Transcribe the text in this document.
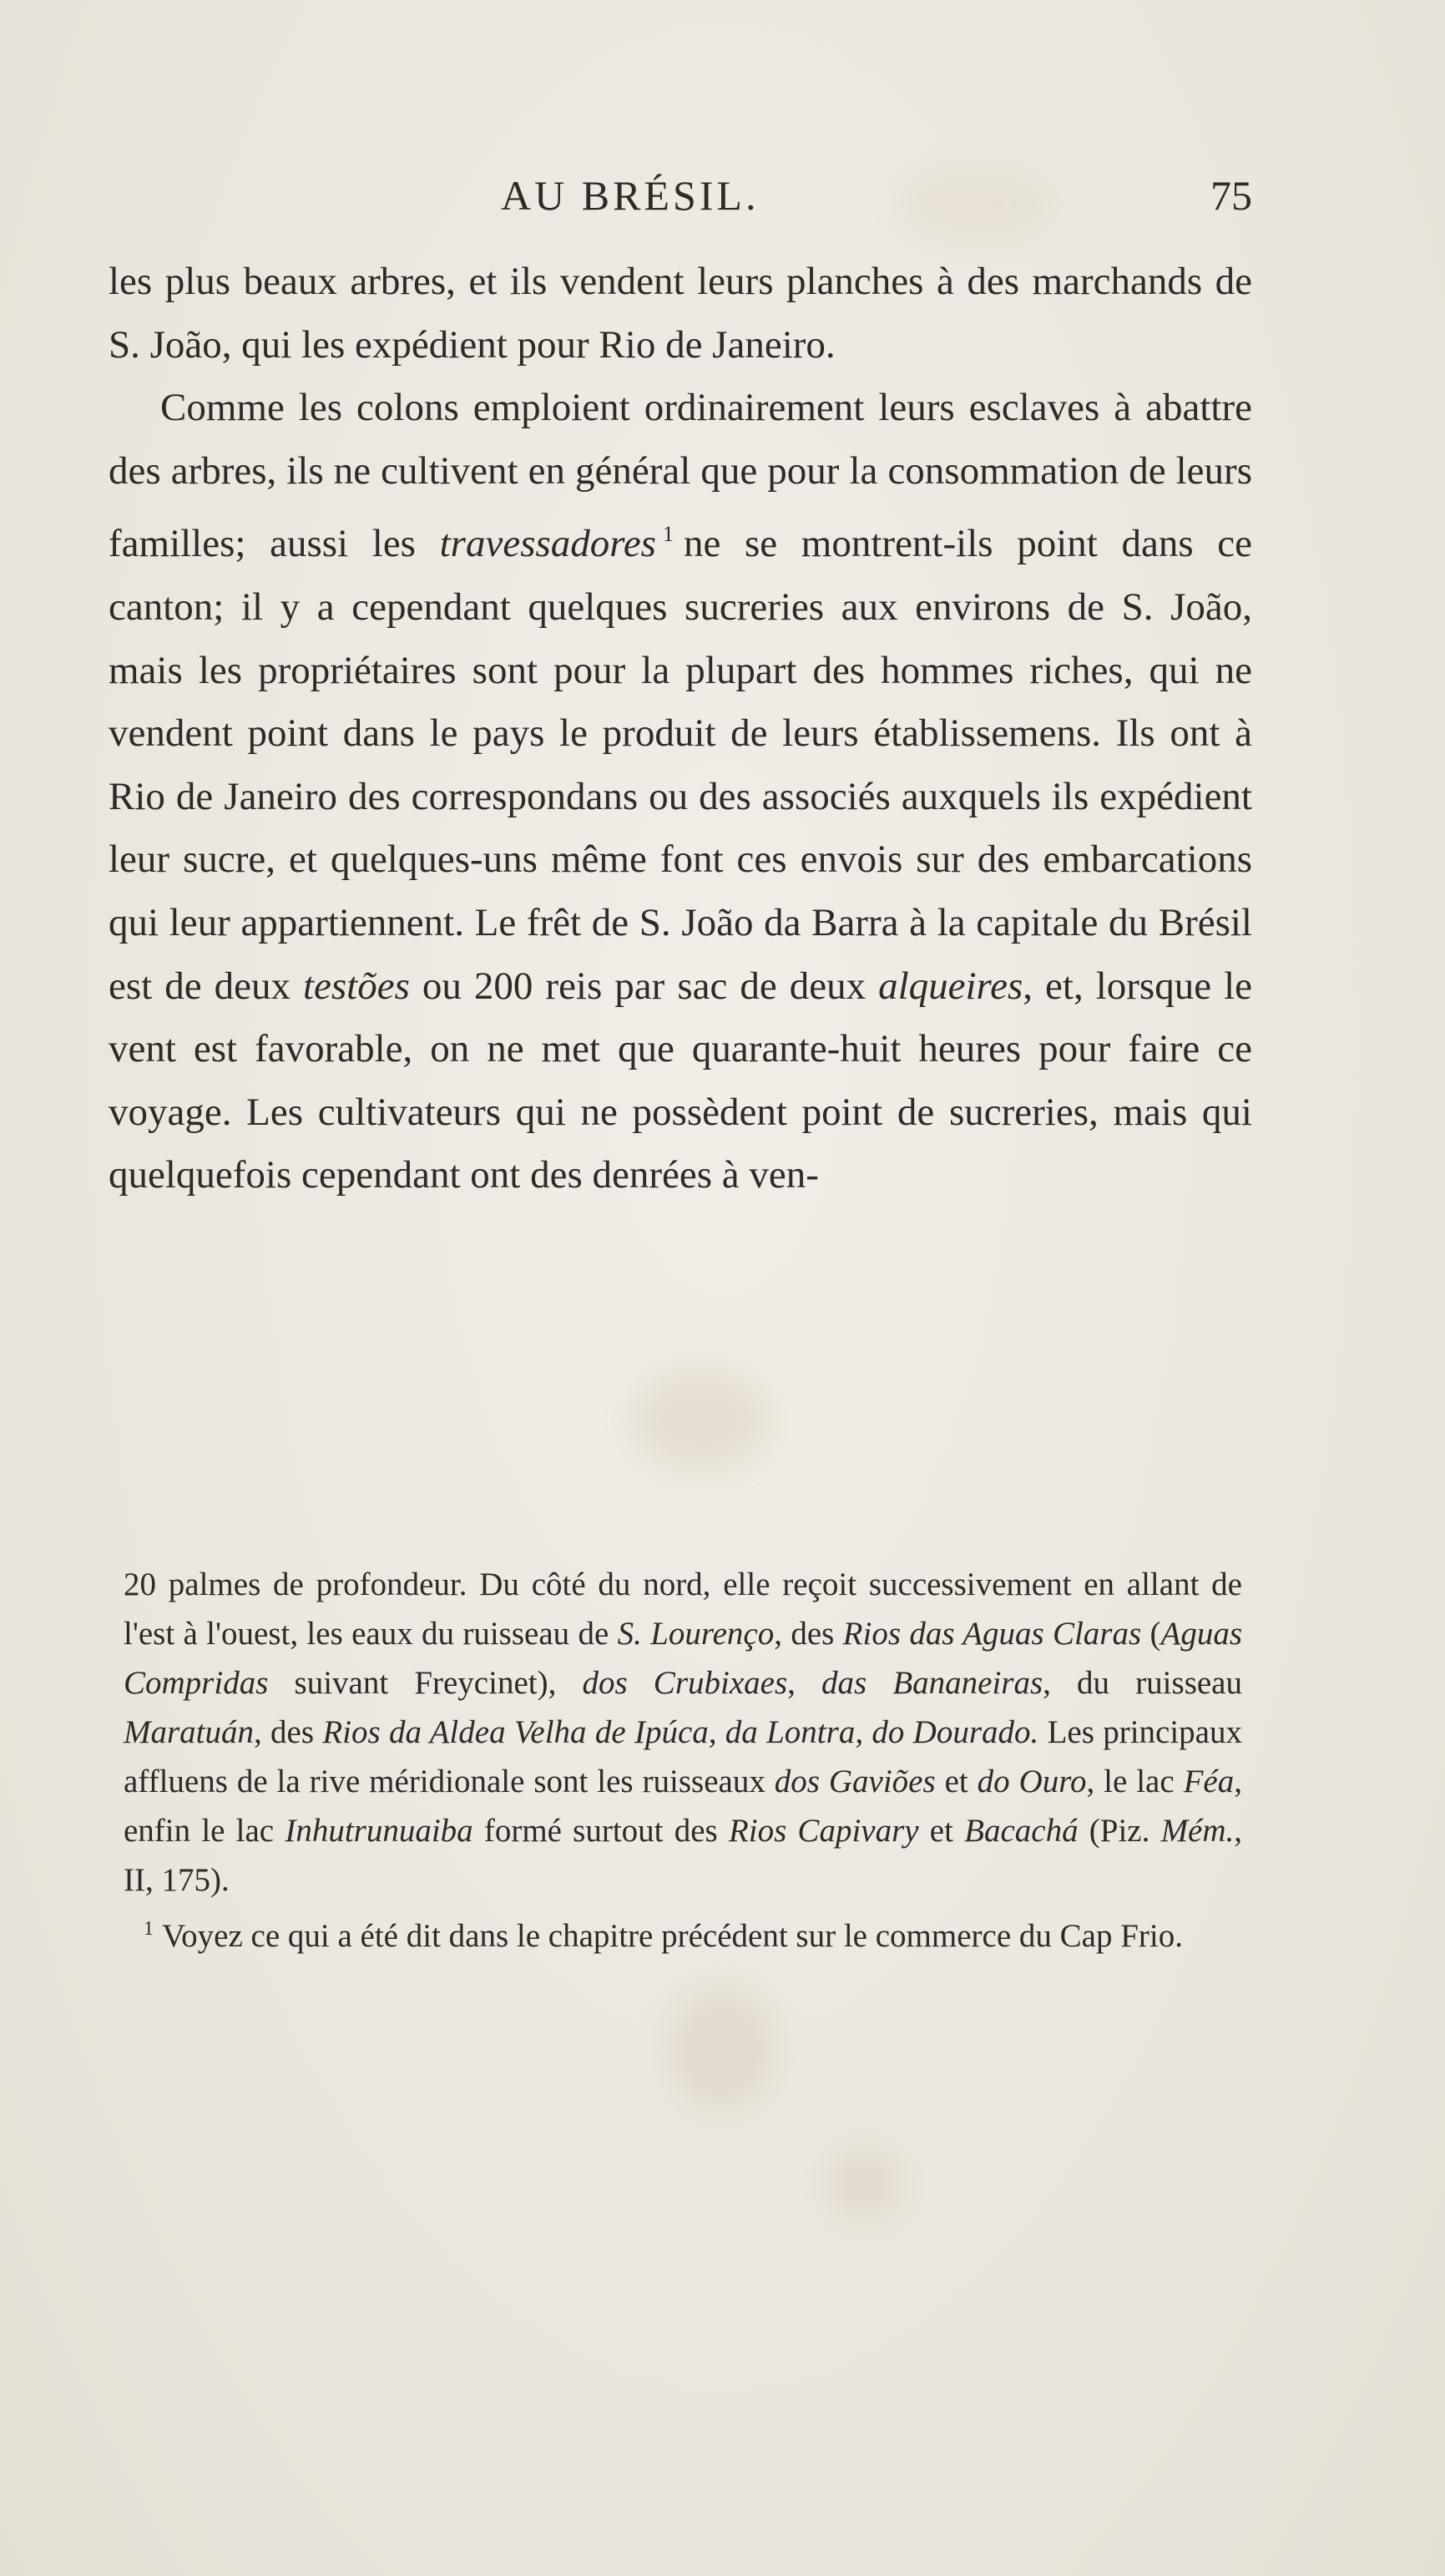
AU BRÉSIL.	75

les plus beaux arbres, et ils vendent leurs planches à des marchands de S. João, qui les expédient pour Rio de Janeiro.
Comme les colons emploient ordinairement leurs esclaves à abattre des arbres, ils ne cultivent en général que pour la consommation de leurs familles; aussi les travessadores $^1$ ne se montrent-ils point dans ce canton; il y a cependant quelques sucreries aux environs de S. João, mais les propriétaires sont pour la plupart des hommes riches, qui ne vendent point dans le pays le produit de leurs établissemens. Ils ont à Rio de Janeiro des correspondans ou des associés auxquels ils expédient leur sucre, et quelques-uns même font ces envois sur des embarcations qui leur appartiennent. Le frêt de S. João da Barra à la capitale du Brésil est de deux testões ou 200 reis par sac de deux alqueires, et, lorsque le vent est favorable, on ne met que quarante-huit heures pour faire ce voyage. Les cultivateurs qui ne possèdent point de sucreries, mais qui quelquefois cependant ont des denrées à ven-

20 palmes de profondeur. Du côté du nord, elle reçoit successivement en allant de l'est à l'ouest, les eaux du ruisseau de S. Lourenço, des Rios das Aguas Claras (Aguas Compridas suivant Freycinet), dos Crubixaes, das Bananeiras, du ruisseau Maratuán, des Rios da Aldea Velha de Ipúca, da Lontra, do Dourado. Les principaux affluens de la rive méridionale sont les ruisseaux dos Gaviões et do Ouro, le lac Féa, enfin le lac Inhutrunuaiba formé surtout des Rios Capivary et Bacachá (Piz. Mém., II, 175).

$^1$ Voyez ce qui a été dit dans le chapitre précédent sur le commerce du Cap Frio.
